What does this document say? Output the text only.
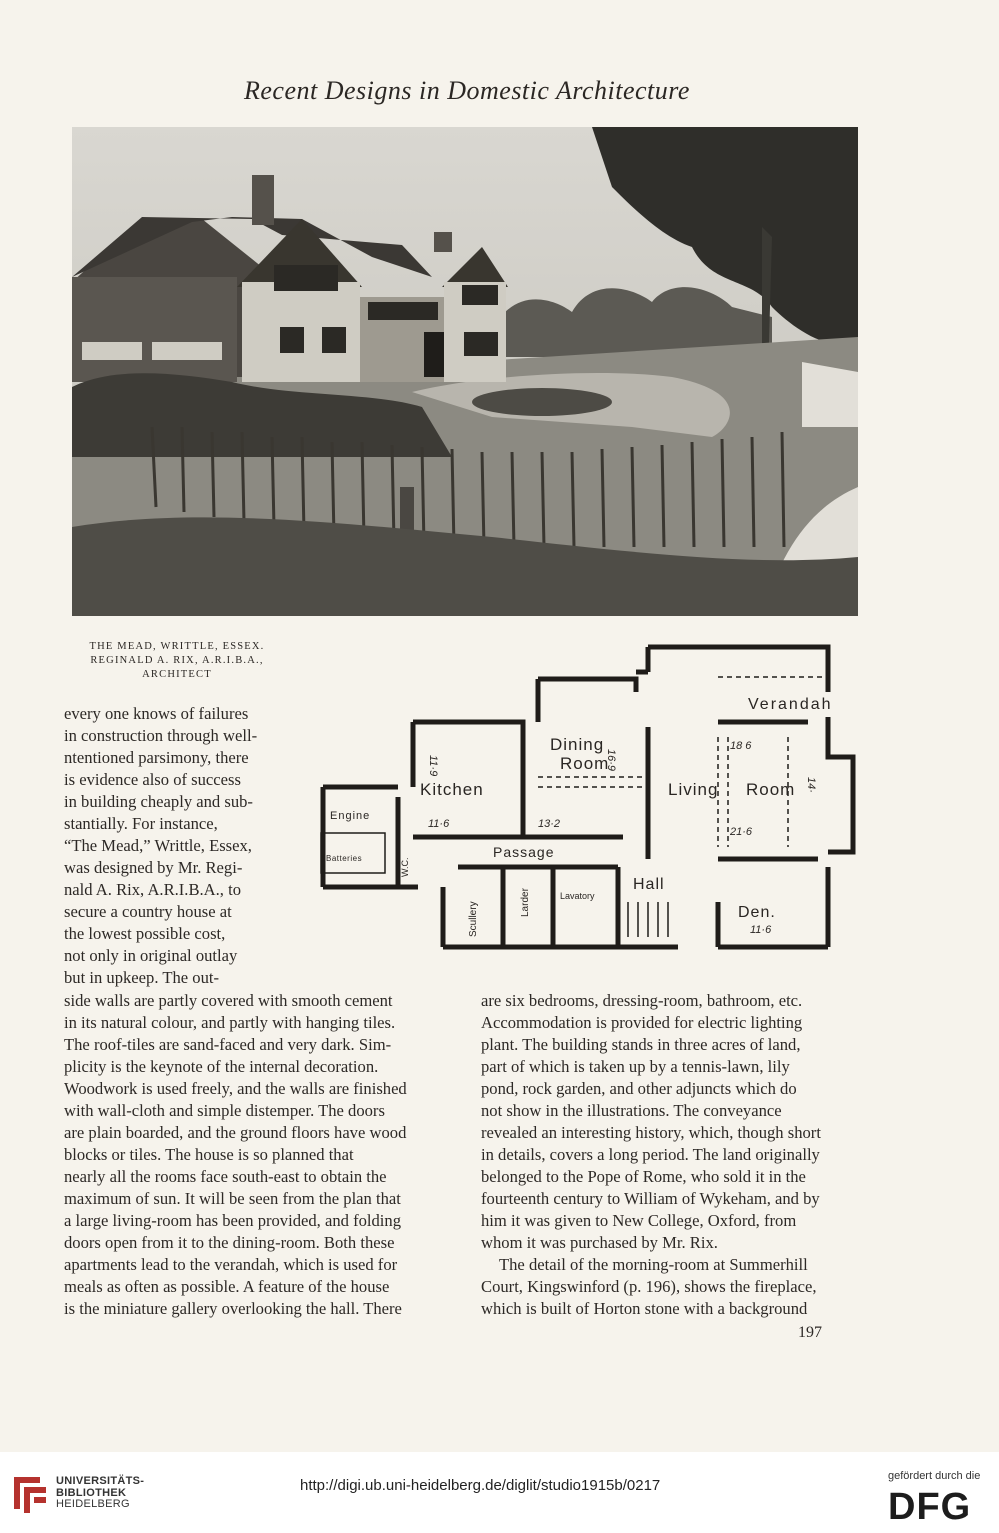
Recent Designs in Domestic Architecture
THE MEAD, WRITTLE, ESSEX.
REGINALD A. RIX, A.R.I.B.A.,
ARCHITECT
Verandah
Dining
Room
Kitchen	Living Room
Engine
Batteries	Passage
Hall
Den.
Lavatory
Scullery	Larder
W.C.
11·6
11·9
13·2
16·9
18 6
21·6
14·
11·6

every one knows of failures

in construction through well-

ntentioned parsimony, there

is evidence also of success

in building cheaply and sub-

stantially. For instance,

“The Mead,” Writtle, Essex,

was designed by Mr. Regi-

nald A. Rix, A.R.I.B.A., to

secure a country house at

the lowest possible cost,

not only in original outlay

but in upkeep. The out-

side walls are partly covered with smooth cement

in its natural colour, and partly with hanging tiles.

The roof-tiles are sand-faced and very dark. Sim-

plicity is the keynote of the internal decoration.

Woodwork is used freely, and the walls are finished

with wall-cloth and simple distemper. The doors

are plain boarded, and the ground floors have wood

blocks or tiles. The house is so planned that

nearly all the rooms face south-east to obtain the

maximum of sun. It will be seen from the plan that

a large living-room has been provided, and folding

doors open from it to the dining-room. Both these

apartments lead to the verandah, which is used for

meals as often as possible. A feature of the house

is the miniature gallery overlooking the hall. There

are six bedrooms, dressing-room, bathroom, etc.

Accommodation is provided for electric lighting

plant. The building stands in three acres of land,

part of which is taken up by a tennis-lawn, lily

pond, rock garden, and other adjuncts which do

not show in the illustrations. The conveyance

revealed an interesting history, which, though short

in details, covers a long period. The land originally

belonged to the Pope of Rome, who sold it in the

fourteenth century to William of Wykeham, and by

him it was given to New College, Oxford, from

whom it was purchased by Mr. Rix.

The detail of the morning-room at Summerhill

Court, Kingswinford (p. 196), shows the fireplace,

which is built of Horton stone with a background

197
UNIVERSITÄTS-
BIBLIOTHEK
HEIDELBERG
http://digi.ub.uni-heidelberg.de/diglit/studio1915b/0217
gefördert durch die
DFG
